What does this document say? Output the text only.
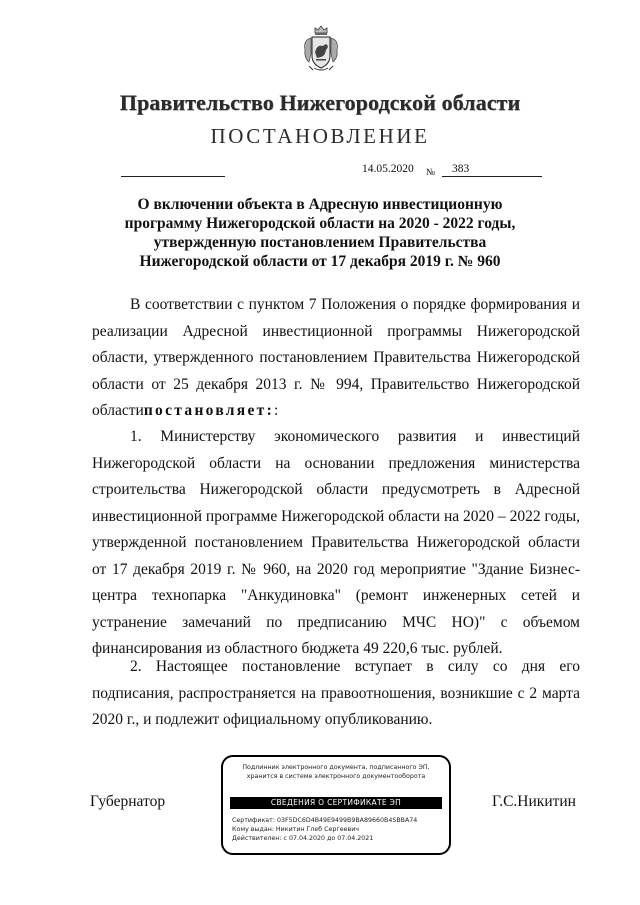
Правительство Нижегородской области
ПОСТАНОВЛЕНИЕ
14.05.2020 № 383
О включении объекта в Адресную инвестиционную
программу Нижегородской области на 2020 - 2022 годы,
утвержденную постановлением Правительства
Нижегородской области от 17 декабря 2019 г. № 960

В соответствии с пунктом 7 Положения о порядке формирования и реализации Адресной инвестиционной программы Нижегородской области, утвержденного постановлением Правительства Нижегородской области от 25 декабря 2013 г. № 994, Правительство Нижегородской областипостановляет::

1. Министерству экономического развития и инвестиций Нижегородской области на основании предложения министерства строительства Нижегородской области предусмотреть в Адресной инвестиционной программе Нижегородской области на 2020 – 2022 годы, утвержденной постановлением Правительства Нижегородской области от 17 декабря 2019 г. № 960, на 2020 год мероприятие "Здание Бизнес-центра технопарка "Анкудиновка" (ремонт инженерных сетей и устранение замечаний по предписанию МЧС НО)" с объемом финансирования из областного бюджета 49 220,6 тыс. рублей.

2. Настоящее постановление вступает в силу со дня его подписания, распространяется на правоотношения, возникшие с 2 марта 2020 г., и подлежит официальному опубликованию.

Губернатор	Г.С.Никитин
Подлинник электронного документа, подписанного ЭП,
хранится в системе электронного документооборота
СВЕДЕНИЯ О СЕРТИФИКАТЕ ЭП
Сертификат: 03F5DC6D4B49E9499B9BA89660B4SBBA74
Кому выдан: Никитин Глеб Сергеевич
Действителен: с 07.04.2020 до 07.04.2021
